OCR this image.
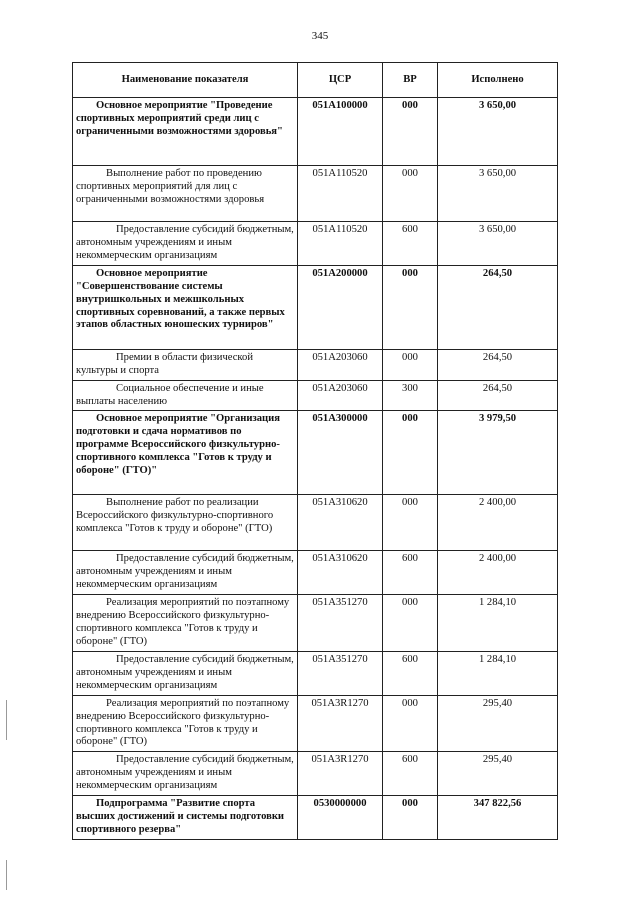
345
Наименование показателя	ЦСР	ВР	Исполнено

Основное мероприятие "Проведение спортивных мероприятий среди лиц с ограниченными возможностями здоровья"	051А100000	000	3 650,00

Выполнение работ по проведению спортивных мероприятий для лиц с ограниченными возможностями здоровья	051А110520	000	3 650,00

Предоставление субсидий бюджетным, автономным учреждениям и иным некоммерческим организациям	051А110520	600	3 650,00

Основное мероприятие "Совершенствование системы внутришкольных и межшкольных спортивных соревнований, а также первых этапов областных юношеских турниров"	051А200000	000	264,50

Премии в области физической культуры и спорта	051А203060	000	264,50

Социальное обеспечение и иные выплаты населению	051А203060	300	264,50

Основное мероприятие "Организация подготовки и сдача нормативов по программе Всероссийского физкультурно-спортивного комплекса "Готов к труду и обороне" (ГТО)"	051А300000	000	3 979,50

Выполнение работ по реализации Всероссийского физкультурно-спортивного комплекса "Готов к труду и обороне" (ГТО)	051А310620	000	2 400,00

Предоставление субсидий бюджетным, автономным учреждениям и иным некоммерческим организациям	051А310620	600	2 400,00

Реализация мероприятий по поэтапному внедрению Всероссийского физкультурно-спортивного комплекса "Готов к труду и обороне" (ГТО)	051А351270	000	1 284,10

Предоставление субсидий бюджетным, автономным учреждениям и иным некоммерческим организациям	051А351270	600	1 284,10

Реализация мероприятий по поэтапному внедрению Всероссийского физкультурно-спортивного комплекса "Готов к труду и обороне" (ГТО)	051А3R1270	000	295,40

Предоставление субсидий бюджетным, автономным учреждениям и иным некоммерческим организациям	051А3R1270	600	295,40

Подпрограмма "Развитие спорта высших достижений и системы подготовки спортивного резерва"	0530000000	000	347 822,56
